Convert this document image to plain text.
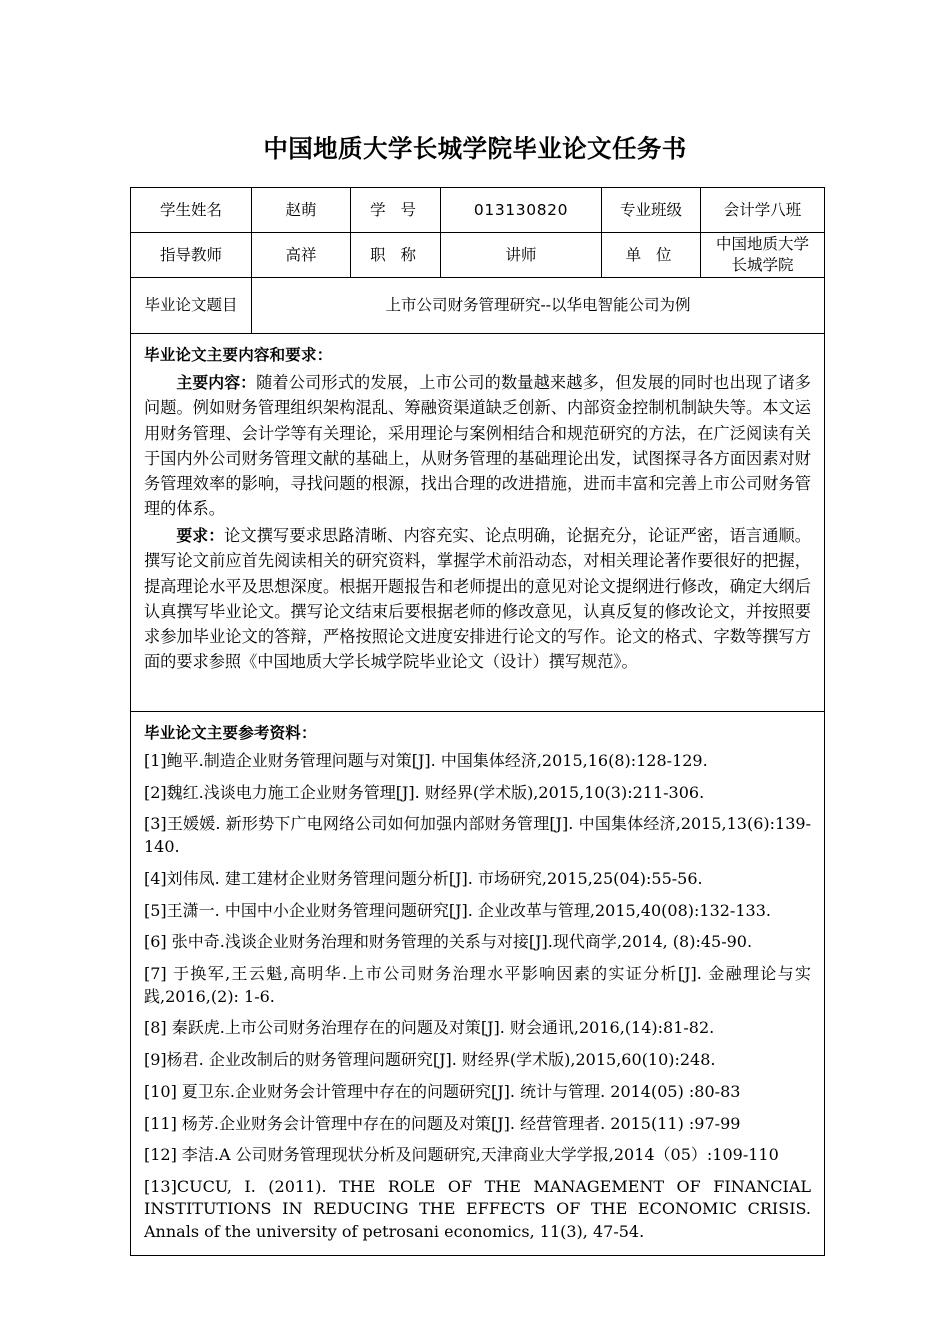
中国地质大学长城学院毕业论文任务书
学生姓名	赵萌	学 号	013130820	专业班级	会计学八班
指导教师	高祥	职 称	讲师	单 位	中国地质大学
长城学院

毕业论文题目	上市公司财务管理研究--以华电智能公司为例				

毕业论文主要内容和要求：

主要内容：随着公司形式的发展，上市公司的数量越来越多，但发展的同时也出现了诸多问题。例如财务管理组织架构混乱、筹融资渠道缺乏创新、内部资金控制机制缺失等。本文运用财务管理、会计学等有关理论，采用理论与案例相结合和规范研究的方法，在广泛阅读有关于国内外公司财务管理文献的基础上，从财务管理的基础理论出发，试图探寻各方面因素对财务管理效率的影响，寻找问题的根源，找出合理的改进措施，进而丰富和完善上市公司财务管理的体系。

要求：论文撰写要求思路清晰、内容充实、论点明确，论据充分，论证严密，语言通顺。撰写论文前应首先阅读相关的研究资料，掌握学术前沿动态，对相关理论著作要很好的把握，提高理论水平及思想深度。根据开题报告和老师提出的意见对论文提纲进行修改，确定大纲后认真撰写毕业论文。撰写论文结束后要根据老师的修改意见，认真反复的修改论文，并按照要求参加毕业论文的答辩，严格按照论文进度安排进行论文的写作。论文的格式、字数等撰写方面的要求参照《中国地质大学长城学院毕业论文（设计）撰写规范》。					

毕业论文主要参考资料：
[1]鲍平.制造企业财务管理问题与对策[J]. 中国集体经济,2015,16(8):128-129.
[2]魏红.浅谈电力施工企业财务管理[J]. 财经界(学术版),2015,10(3):211-306.
[3]王媛媛. 新形势下广电网络公司如何加强内部财务管理[J]. 中国集体经济,2015,13(6):139-140.
[4]刘伟凤. 建工建材企业财务管理问题分析[J]. 市场研究,2015,25(04):55-56.
[5]王潇一. 中国中小企业财务管理问题研究[J]. 企业改革与管理,2015,40(08):132-133.
[6] 张中奇.浅谈企业财务治理和财务管理的关系与对接[J].现代商学,2014, (8):45-90.
[7] 于换军,王云魁,高明华.上市公司财务治理水平影响因素的实证分析[J]. 金融理论与实践,2016,(2): 1-6.
[8] 秦跃虎.上市公司财务治理存在的问题及对策[J]. 财会通讯,2016,(14):81-82.
[9]杨君. 企业改制后的财务管理问题研究[J]. 财经界(学术版),2015,60(10):248.
[10] 夏卫东.企业财务会计管理中存在的问题研究[J]. 统计与管理. 2014(05) :80-83
[11] 杨芳.企业财务会计管理中存在的问题及对策[J]. 经营管理者. 2015(11) :97-99
[12] 李洁.A 公司财务管理现状分析及问题研究,天津商业大学学报,2014（05）:109-110
[13]CUCU, I. (2011). THE ROLE OF THE MANAGEMENT OF FINANCIAL INSTITUTIONS IN REDUCING THE EFFECTS OF THE ECONOMIC CRISIS. Annals of the university of petrosani economics, 11(3), 47-54.
